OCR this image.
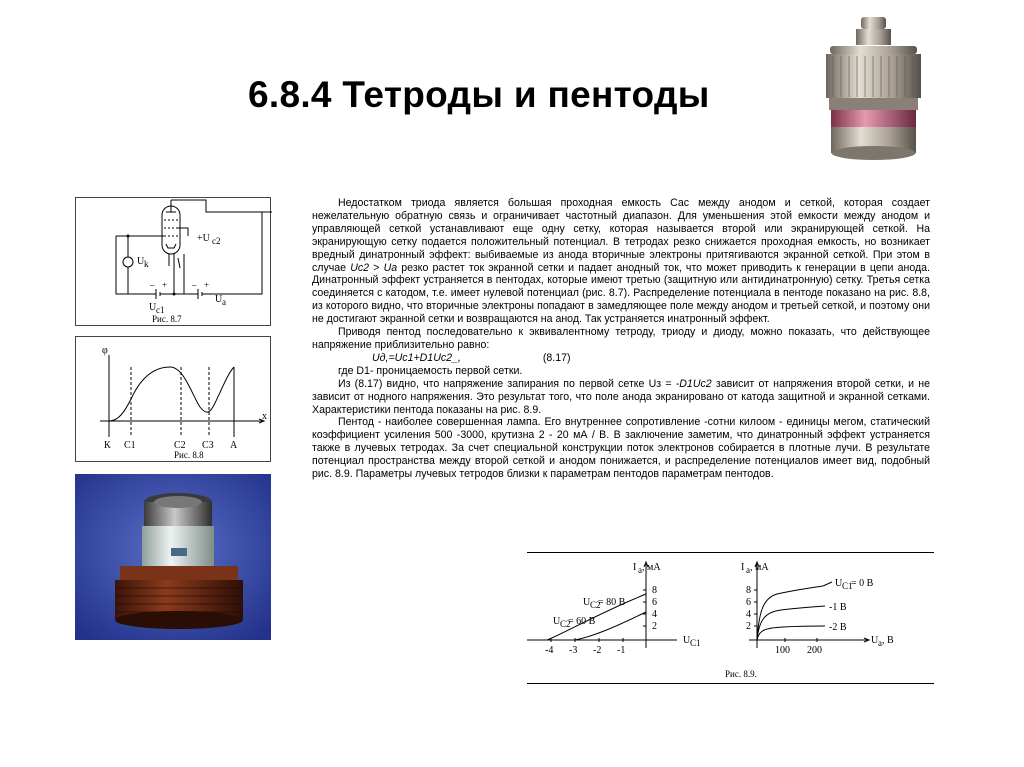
6.8.4 Тетроды и пентоды
+U c2
U k
U c1
– +
U a
– +
Рис. 8.7
φ
x
К С1	С2 С3 А
Рис. 8.8

Недостатком триода является большая проходная емкость Cас между анодом и сеткой, которая создает нежелательную обратную связь и ограничивает частотный диапазон. Для уменьшения этой емкости между анодом и управляющей сеткой устанавливают еще одну сетку, которая называется второй или экранирующей сеткой. На экранирующую сетку подается положительный потенциал. В тетродах резко снижается проходная емкость, но возникает вредный динатронный эффект: выбиваемые из анода вторичные электроны притягиваются экранной сеткой. При этом в случае Uc2 > Ua резко растет ток экранной сетки и падает анодный ток, что может приводить к генерации в цепи анода. Динатронный эффект устраняется в пентодах, которые имеют третью (защитную или антидинатронную) сетку. Третья сетка соединяется с катодом, т.е. имеет нулевой потенциал (рис. 8.7). Распределение потенциала в пентоде показано на рис. 8.8, из которого видно, что вторичные электроны попадают в замедляющее поле между анодом и третьей сеткой, и поэтому они не достигают экранной сетки и возвращаются на анод. Так устраняется инатронный эффект.

Приводя пентод последовательно к эквивалентному тетроду, триоду и диоду, можно показать, что действующее напряжение приблизительно равно:

Uд,=Uc1+D1Uc2_,	(8.17)

где D1- проницаемость первой сетки.

Из (8.17) видно, что напряжение запирания по первой сетке Uз = -D1Uc2 зависит от напряжения второй сетки, и не зависит от нодного напряжения. Это результат того, что поле анода экранировано от катода защитной и экранной сетками. Характеристики пентода показаны на рис. 8.9.

Пентод - наиболее совершенная лампа. Его внутреннее сопротивление -сотни килоом - единицы мегом, статический коэффициент усиления 500 -3000, крутизна 2 - 20 мА / В. В заключение заметим, что динатронный эффект устраняется также в лучевых тетродах. За счет специальной конструкции поток электронов собирается в плотные лучи. В результате потенциал пространства между второй сеткой и анодом понижается, и распределение потенциалов имеет вид, подобный рис. 8.9. Параметры лучевых тетродов близки к параметрам пентодов параметрам пентодов.

I a , мА
8
6
4
2
-4 -3 -2 -1
U C1
U C2
= 80 В
U C2
= 60 В
I a , мА
8
6
4
2
100 200
U a , В
U C1
= 0 В
-1 В
-2 В
Рис. 8.9.
